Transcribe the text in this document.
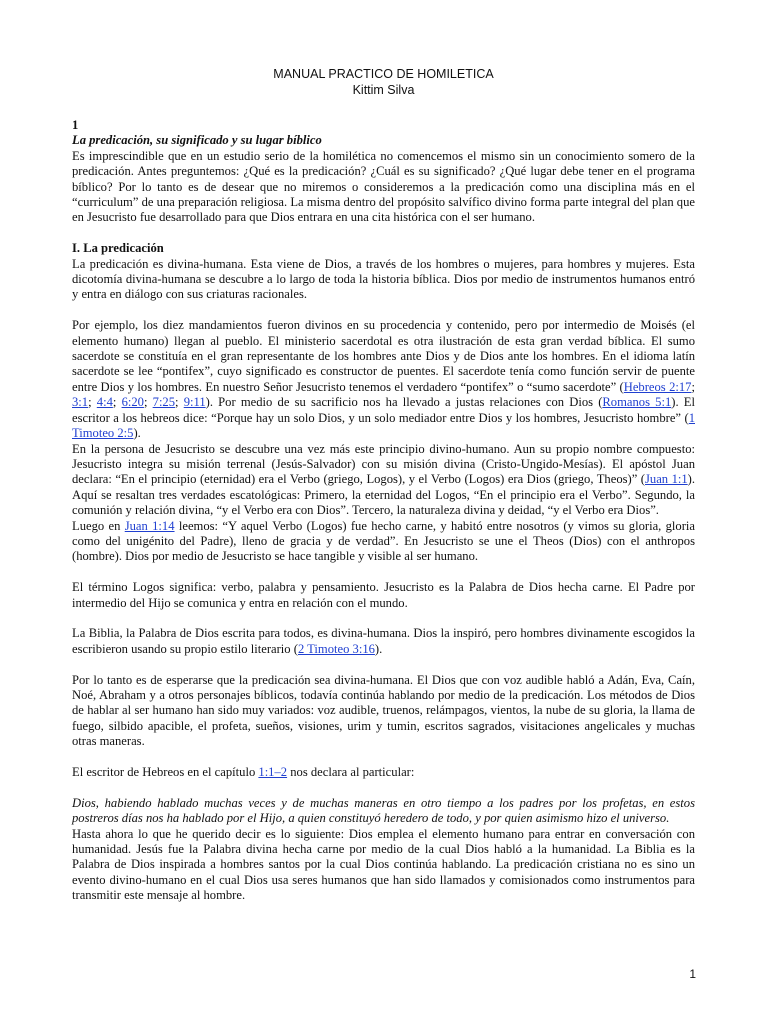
MANUAL PRACTICO DE HOMILETICA
Kittim Silva
1
La predicación, su significado y su lugar bíblico

Es imprescindible que en un estudio serio de la homilética no comencemos el mismo sin un conocimiento somero de la predicación. Antes preguntemos: ¿Qué es la predicación? ¿Cuál es su significado? ¿Qué lugar debe tener en el programa bíblico? Por lo tanto es de desear que no miremos o consideremos a la predicación como una disciplina más en el “curriculum” de una preparación religiosa. La misma dentro del propósito salvífico divino forma parte integral del plan que en Jesucristo fue desarrollado para que Dios entrara en una cita histórica con el ser humano.

I. La predicación

La predicación es divina-humana. Esta viene de Dios, a través de los hombres o mujeres, para hombres y mujeres. Esta dicotomía divina-humana se descubre a lo largo de toda la historia bíblica. Dios por medio de instrumentos humanos entró y entra en diálogo con sus criaturas racionales.

Por ejemplo, los diez mandamientos fueron divinos en su procedencia y contenido, pero por intermedio de Moisés (el elemento humano) llegan al pueblo. El ministerio sacerdotal es otra ilustración de esta gran verdad bíblica. El sumo sacerdote se constituía en el gran representante de los hombres ante Dios y de Dios ante los hombres. En el idioma latín sacerdote se lee “pontifex”, cuyo significado es constructor de puentes. El sacerdote tenía como función servir de puente entre Dios y los hombres. En nuestro Señor Jesucristo tenemos el verdadero “pontifex” o “sumo sacerdote” (Hebreos 2:17; 3:1; 4:4; 6:20; 7:25; 9:11). Por medio de su sacrificio nos ha llevado a justas relaciones con Dios (Romanos 5:1). El escritor a los hebreos dice: “Porque hay un solo Dios, y un solo mediador entre Dios y los hombres, Jesucristo hombre” (1 Timoteo 2:5).

En la persona de Jesucristo se descubre una vez más este principio divino-humano. Aun su propio nombre compuesto: Jesucristo integra su misión terrenal (Jesús-Salvador) con su misión divina (Cristo-Ungido-Mesías). El apóstol Juan declara: “En el principio (eternidad) era el Verbo (griego, Logos), y el Verbo (Logos) era Dios (griego, Theos)” (Juan 1:1). Aquí se resaltan tres verdades escatológicas: Primero, la eternidad del Logos, “En el principio era el Verbo”. Segundo, la comunión y relación divina, “y el Verbo era con Dios”. Tercero, la naturaleza divina y deidad, “y el Verbo era Dios”.

Luego en Juan 1:14 leemos: “Y aquel Verbo (Logos) fue hecho carne, y habitó entre nosotros (y vimos su gloria, gloria como del unigénito del Padre), lleno de gracia y de verdad”. En Jesucristo se une el Theos (Dios) con el anthropos (hombre). Dios por medio de Jesucristo se hace tangible y visible al ser humano.

El término Logos significa: verbo, palabra y pensamiento. Jesucristo es la Palabra de Dios hecha carne. El Padre por intermedio del Hijo se comunica y entra en relación con el mundo.

La Biblia, la Palabra de Dios escrita para todos, es divina-humana. Dios la inspiró, pero hombres divinamente escogidos la escribieron usando su propio estilo literario (2 Timoteo 3:16).

Por lo tanto es de esperarse que la predicación sea divina-humana. El Dios que con voz audible habló a Adán, Eva, Caín, Noé, Abraham y a otros personajes bíblicos, todavía continúa hablando por medio de la predicación. Los métodos de Dios de hablar al ser humano han sido muy variados: voz audible, truenos, relámpagos, vientos, la nube de su gloria, la llama de fuego, silbido apacible, el profeta, sueños, visiones, urim y tumin, escritos sagrados, visitaciones angelicales y muchas otras maneras.

El escritor de Hebreos en el capítulo 1:1–2 nos declara al particular:

Dios, habiendo hablado muchas veces y de muchas maneras en otro tiempo a los padres por los profetas, en estos postreros días nos ha hablado por el Hijo, a quien constituyó heredero de todo, y por quien asimismo hizo el universo.

Hasta ahora lo que he querido decir es lo siguiente: Dios emplea el elemento humano para entrar en conversación con humanidad. Jesús fue la Palabra divina hecha carne por medio de la cual Dios habló a la humanidad. La Biblia es la Palabra de Dios inspirada a hombres santos por la cual Dios continúa hablando. La predicación cristiana no es sino un evento divino-humano en el cual Dios usa seres humanos que han sido llamados y comisionados como instrumentos para transmitir este mensaje al hombre.

1
